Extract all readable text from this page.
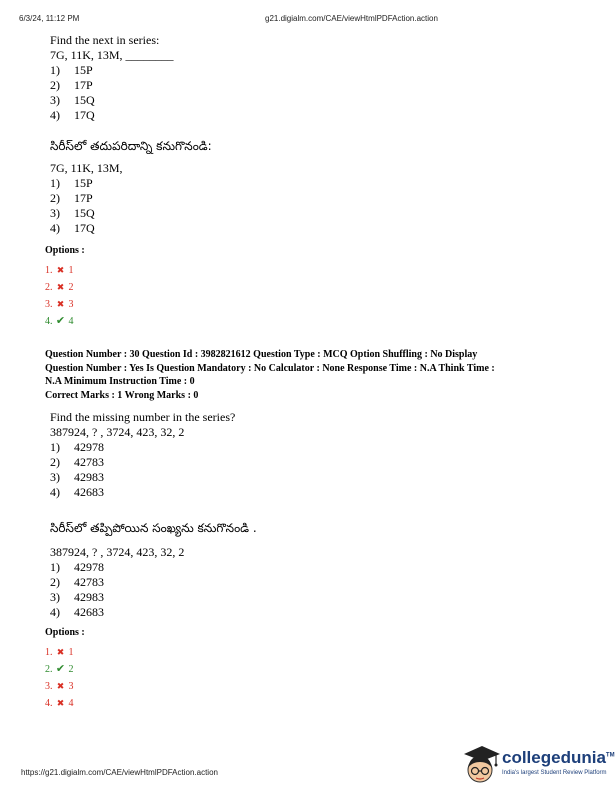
6/3/24, 11:12 PM	g21.digialm.com/CAE/viewHtmlPDFAction.action
Find the next in series:
7G, 11K, 13M, ________
1)	15P
2)	17P
3)	15Q
4)	17Q
సిరీస్‌లో తదుపరిదాన్ని కనుగొనండి:
7G, 11K, 13M,
1)	15P
2)	17P
3)	15Q
4)	17Q
Options :
1. ✖ 1
2. ✖ 2
3. ✖ 3
4. ✔ 4
Question Number : 30 Question Id : 3982821612 Question Type : MCQ Option Shuffling : No Display
Question Number : Yes Is Question Mandatory : No Calculator : None Response Time : N.A Think Time :
N.A Minimum Instruction Time : 0
Correct Marks : 1 Wrong Marks : 0
Find the missing number in the series?
387924, ? , 3724, 423, 32, 2
1)	42978
2)	42783
3)	42983
4)	42683
సిరీస్‌లో తప్పిపోయిన సంఖ్యను కనుగొనండి .
387924, ? , 3724, 423, 32, 2
1)	42978
2)	42783
3)	42983
4)	42683
Options :
1. ✖ 1
2. ✔ 2
3. ✖ 3
4. ✖ 4
https://g21.digialm.com/CAE/viewHtmlPDFAction.action
collegedunia™
India's largest Student Review Platform
